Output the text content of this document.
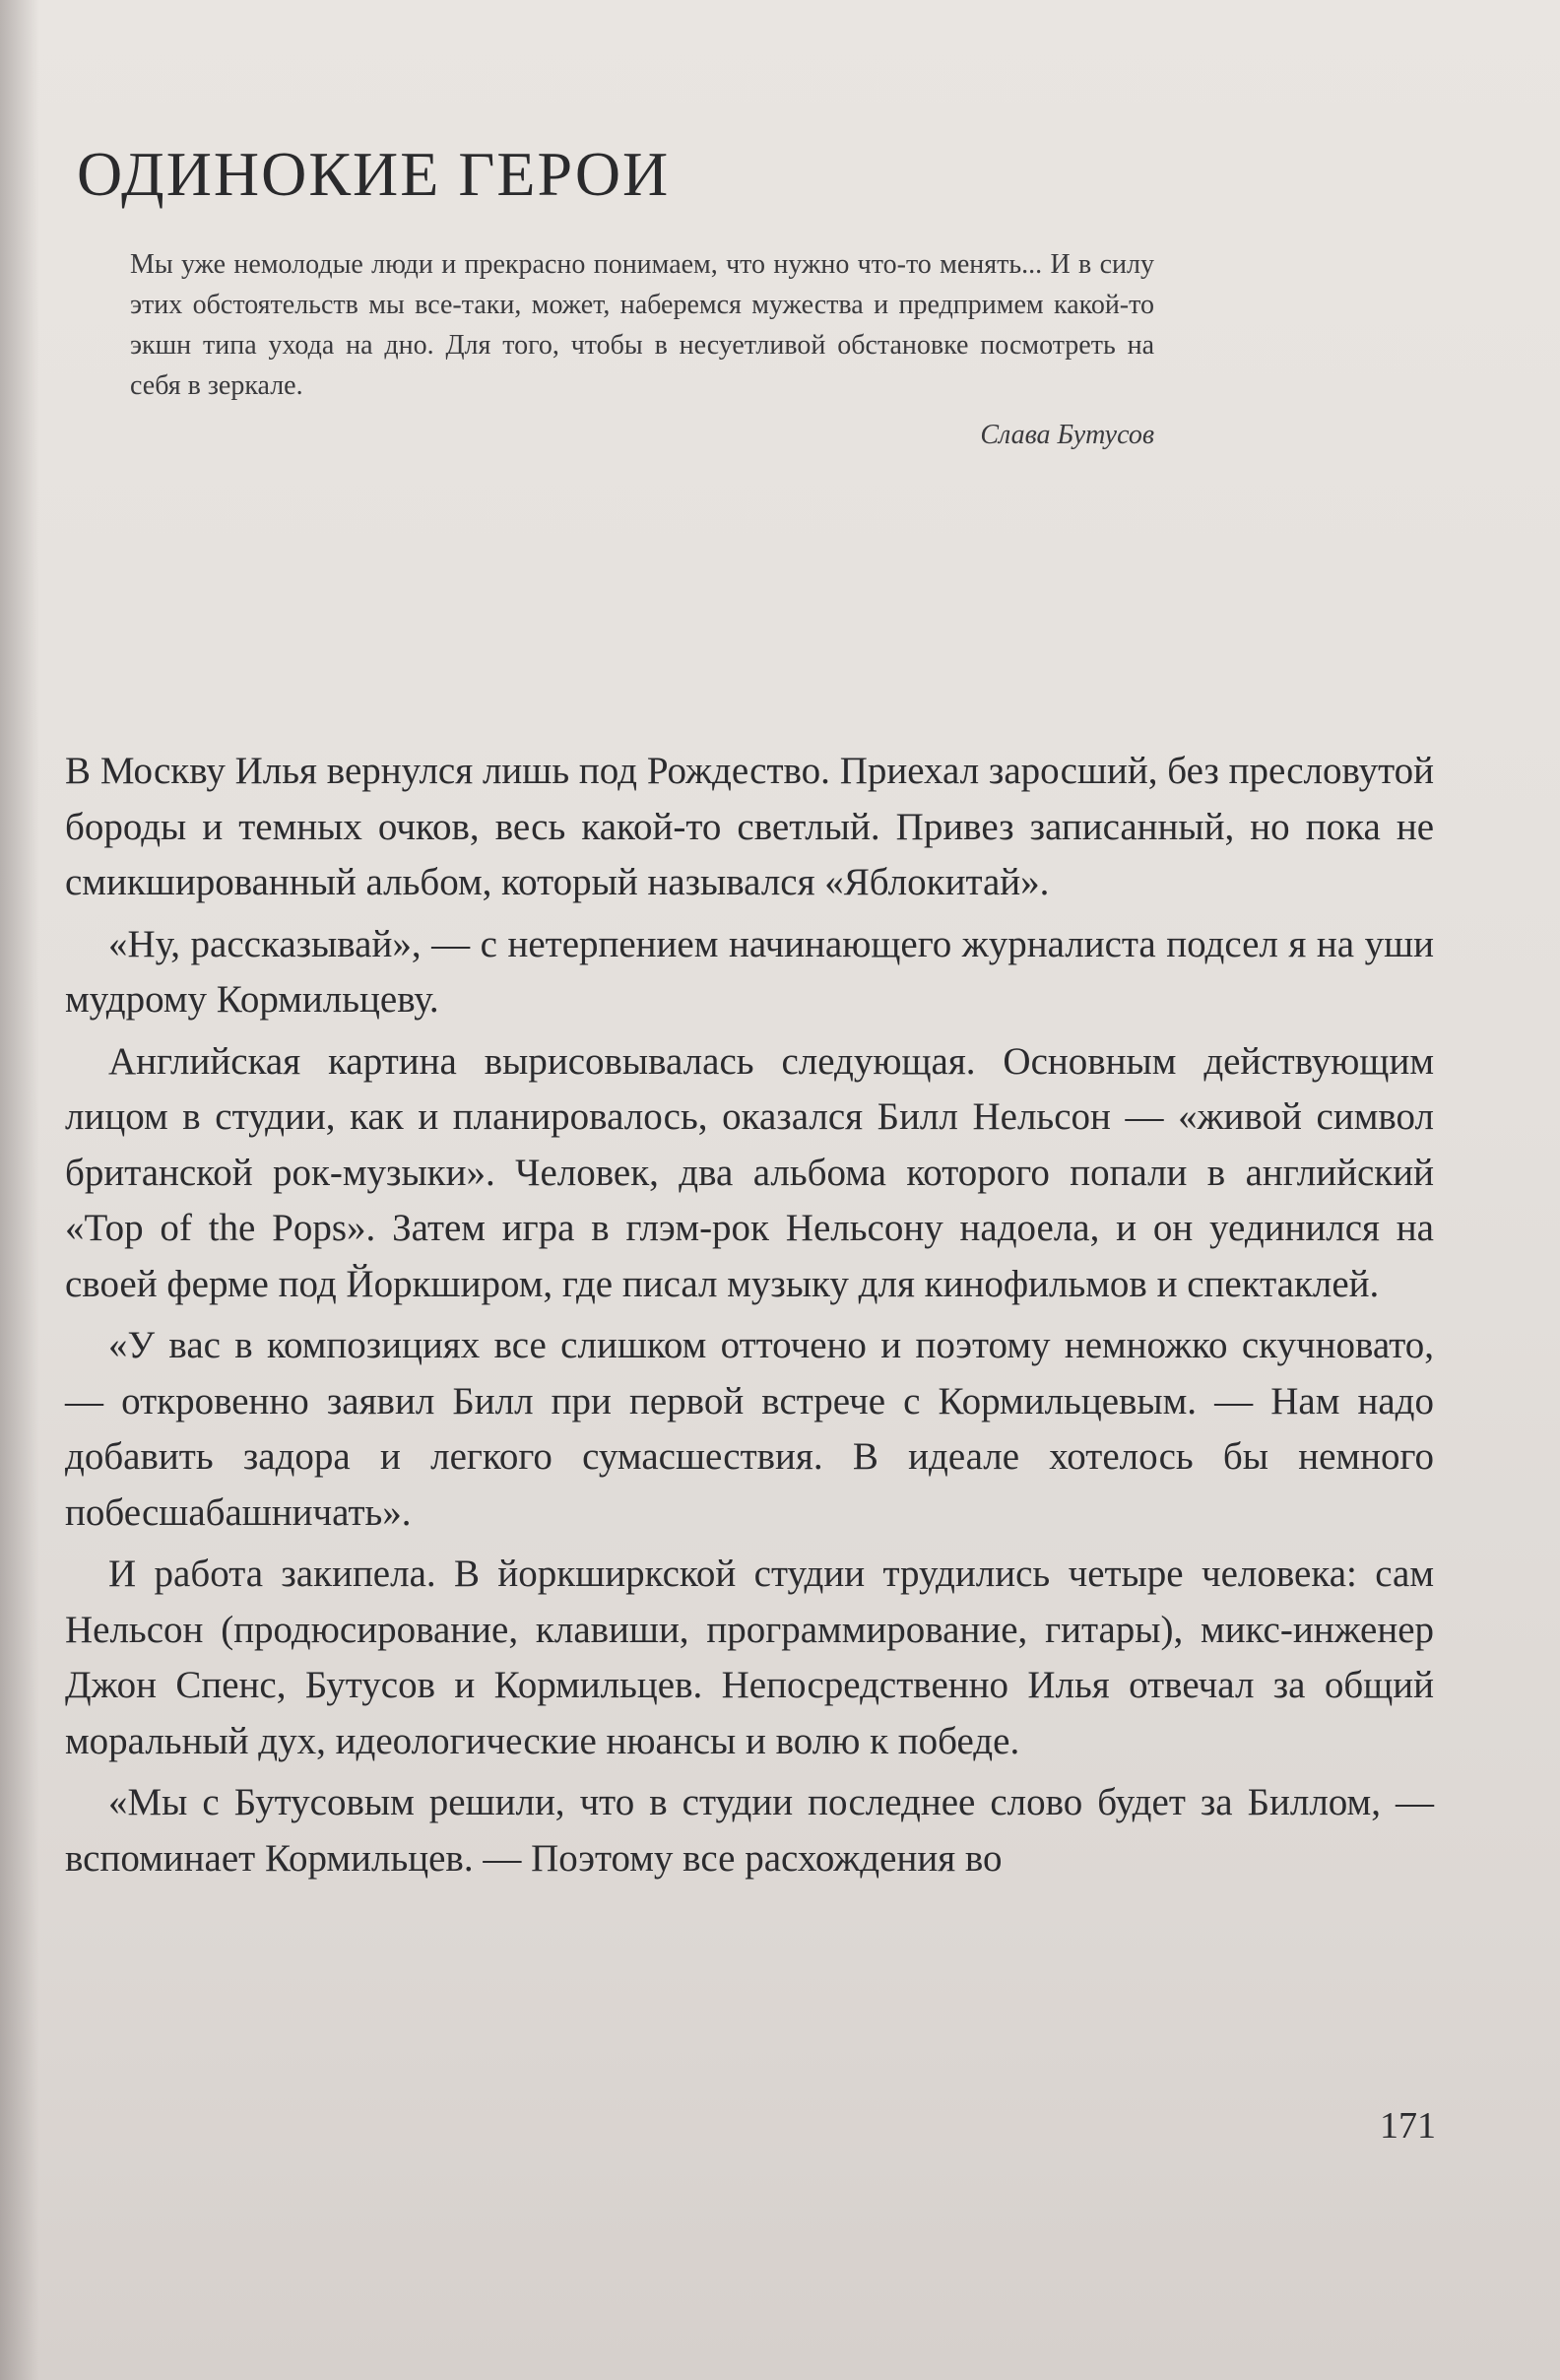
ОДИНОКИЕ ГЕРОИ

Мы уже немолодые люди и прекрасно понимаем, что нужно что-то менять... И в силу этих обстоятельств мы все-таки, может, наберемся мужества и предпримем какой-то экшн типа ухода на дно. Для того, чтобы в несуетливой обстановке посмотреть на себя в зеркале.

Слава Бутусов

В Москву Илья вернулся лишь под Рождество. Приехал заросший, без пресловутой бороды и темных очков, весь какой-то светлый. Привез записанный, но пока не смикшированный альбом, который назывался «Яблокитай».

«Ну, рассказывай», — с нетерпением начинающего журналиста подсел я на уши мудрому Кормильцеву.

Английская картина вырисовывалась следующая. Основным действующим лицом в студии, как и планировалось, оказался Билл Нельсон — «живой символ британской рок-музыки». Человек, два альбома которого попали в английский «Top of the Pops». Затем игра в глэм-рок Нельсону надоела, и он уединился на своей ферме под Йоркширом, где писал музыку для кинофильмов и спектаклей.

«У вас в композициях все слишком отточено и поэтому немножко скучновато, — откровенно заявил Билл при первой встрече с Кормильцевым. — Нам надо добавить задора и легкого сумасшествия. В идеале хотелось бы немного побесшабашничать».

И работа закипела. В йоркширкской студии трудились четыре человека: сам Нельсон (продюсирование, клавиши, программирование, гитары), микс-инженер Джон Спенс, Бутусов и Кормильцев. Непосредственно Илья отвечал за общий моральный дух, идеологические нюансы и волю к победе.

«Мы с Бутусовым решили, что в студии последнее слово будет за Биллом, — вспоминает Кормильцев. — Поэтому все расхождения во

171
